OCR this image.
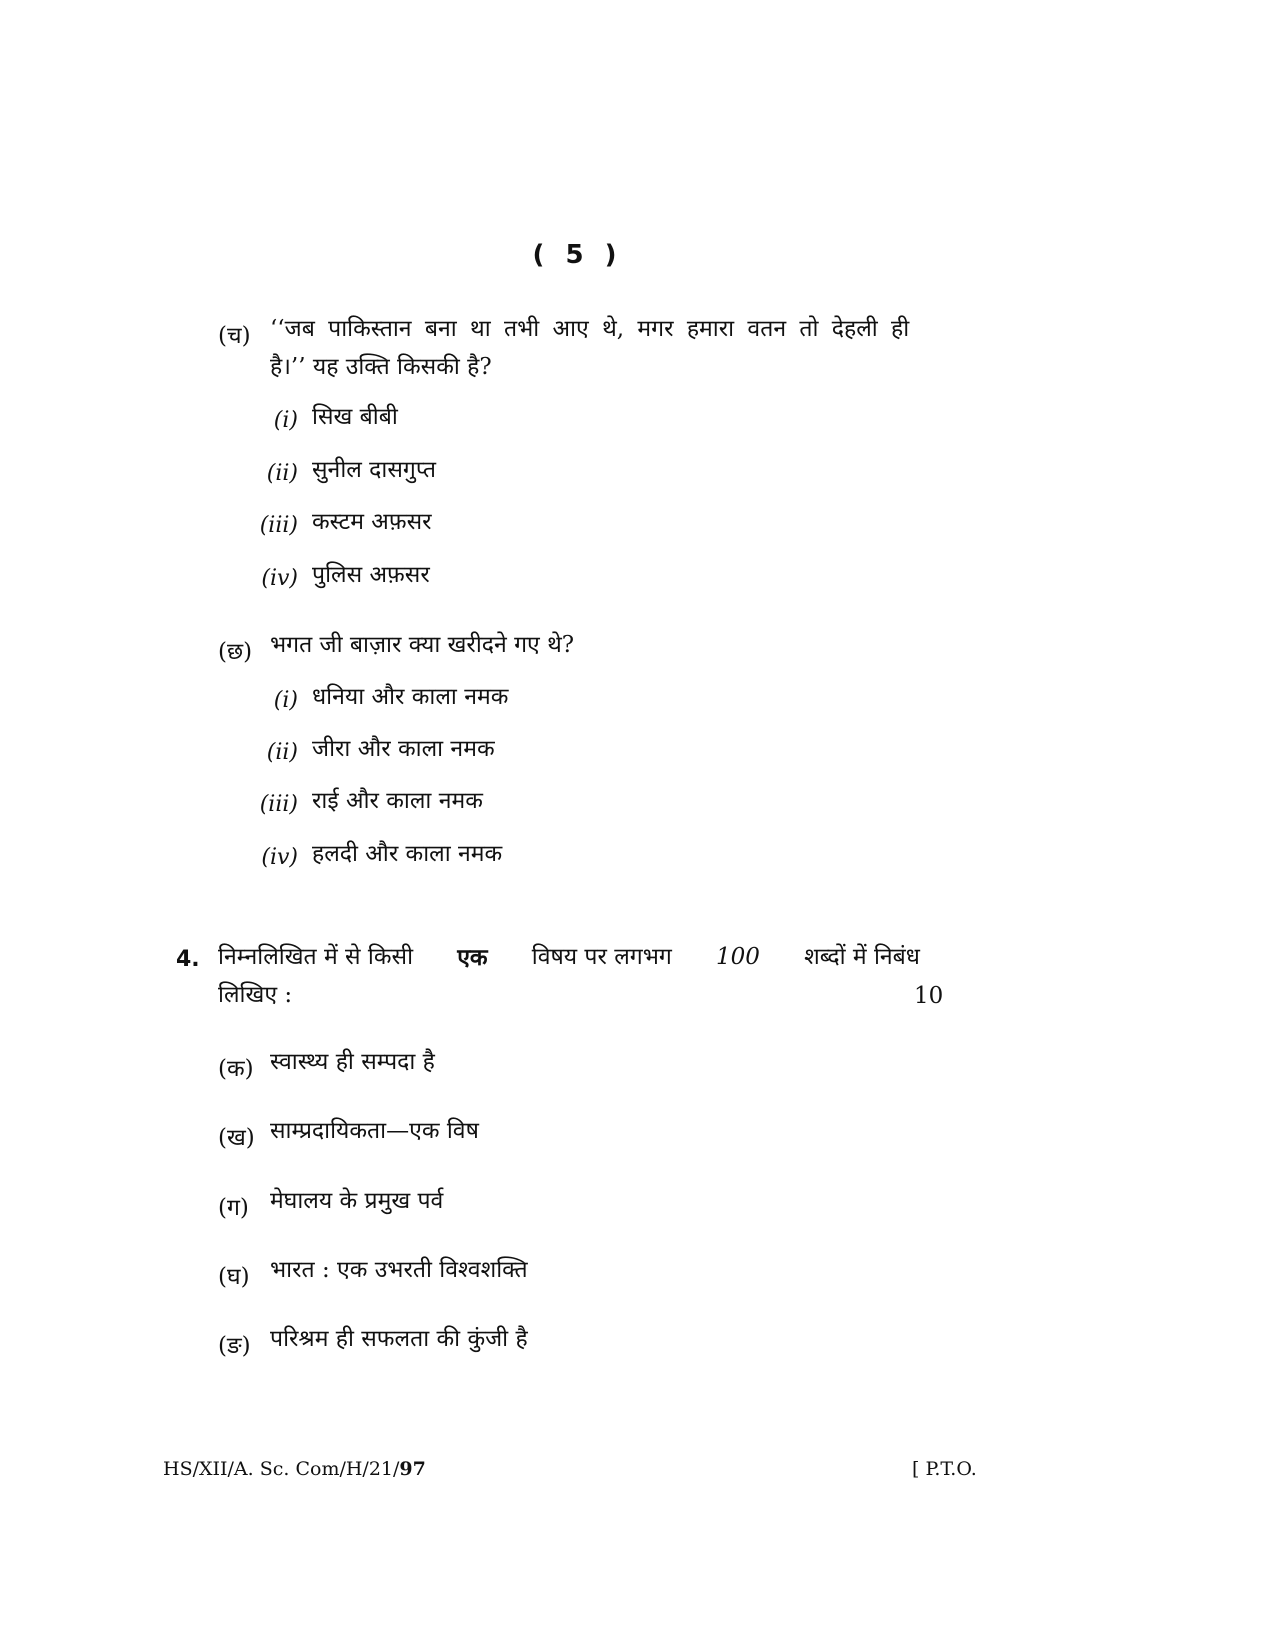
( 5 )
(च) ‘‘जब पाकिस्तान बना था तभी आए थे, मगर हमारा वतन तो देहली ही
है।’’ यह उक्ति किसकी है?
(i) सिख बीबी
(ii) सुनील दासगुप्त
(iii) कस्टम अफ़सर
(iv) पुलिस अफ़सर
(छ) भगत जी बाज़ार क्या खरीदने गए थे?
(i) धनिया और काला नमक
(ii) जीरा और काला नमक
(iii) राई और काला नमक
(iv) हलदी और काला नमक
4. निम्नलिखित में से किसी एक विषय पर लगभग 100 शब्दों में निबंध
लिखिए :	10
(क) स्वास्थ्य ही सम्पदा है
(ख) साम्प्रदायिकता—एक विष
(ग) मेघालय के प्रमुख पर्व
(घ) भारत : एक उभरती विश्वशक्ति
(ङ) परिश्रम ही सफलता की कुंजी है
HS/XII/A. Sc. Com/H/21/97	[ P.T.O.
